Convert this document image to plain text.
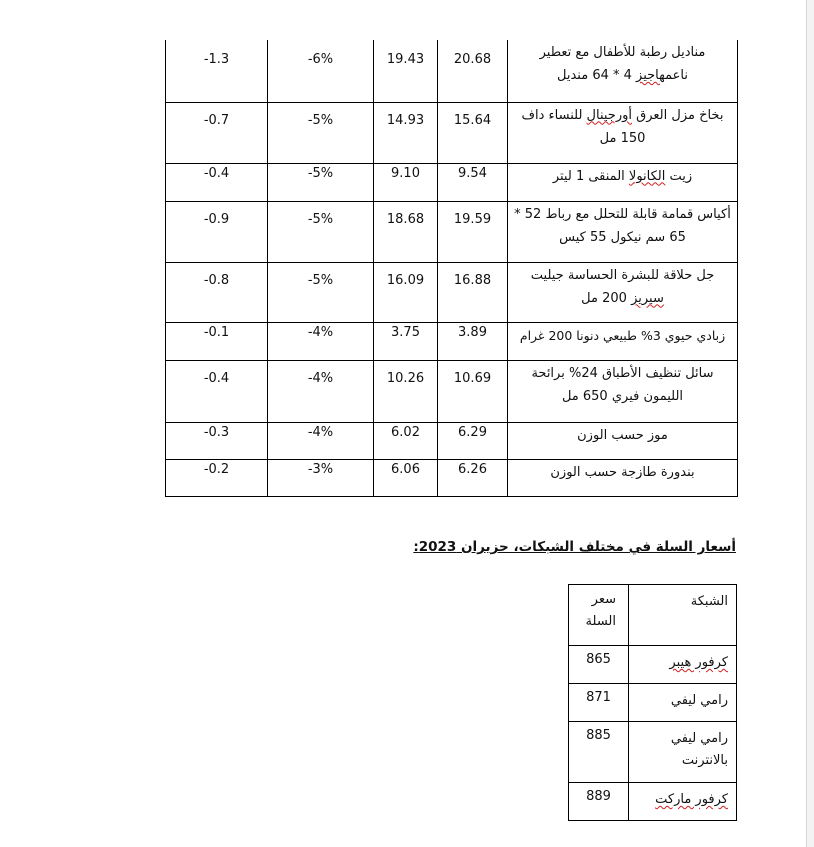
-1.3	-6%	19.43	20.68	مناديل رطبة للأطفال مع تعطير ناعمهاجيز 4 * 64 منديل
-0.7	-5%	14.93	15.64	بخاخ مزل العرق أورجينال للنساء داف 150 مل
-0.4	-5%	9.10	9.54	زيت الكانولا المنقى 1 ليتر
-0.9	-5%	18.68	19.59	أكياس قمامة قابلة للتحلل مع رباط 52 * 65 سم نيكول 55 كيس
-0.8	-5%	16.09	16.88	جل حلاقة للبشرة الحساسة جيليت سيريز 200 مل
-0.1	-4%	3.75	3.89	زبادي حيوي 3% طبيعي دنونا 200 غرام
-0.4	-4%	10.26	10.69	سائل تنظيف الأطباق 24% برائحة الليمون فيري 650 مل
-0.3	-4%	6.02	6.29	موز حسب الوزن
-0.2	-3%	6.06	6.26	بندورة طازجة حسب الوزن
أسعار السلة في مختلف الشبكات، حزيران 2023:
سعر السلة	الشبكة
865	كرفور هيبر
871	رامي ليفي
885	رامي ليفي بالانترنت
889	كرفور ماركت
